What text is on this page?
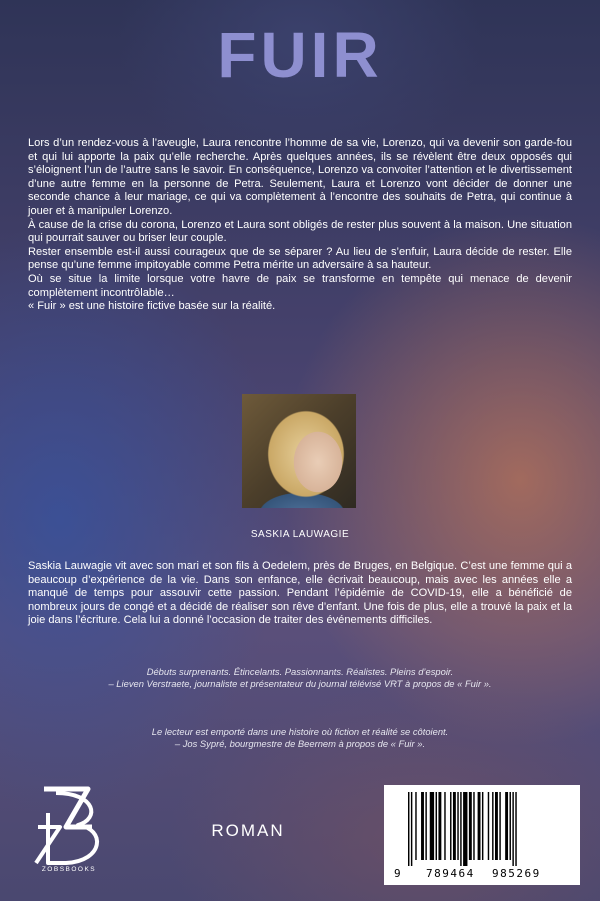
FUIR

Lors d’un rendez-vous à l’aveugle, Laura rencontre l’homme de sa vie, Lorenzo, qui va devenir son garde-fou et qui lui apporte la paix qu’elle recherche. Après quelques années, ils se révèlent être deux opposés qui s’éloignent l’un de l’autre sans le savoir. En conséquence, Lorenzo va convoiter l’attention et le divertissement d’une autre femme en la personne de Petra. Seulement, Laura et Lorenzo vont décider de donner une seconde chance à leur mariage, ce qui va complètement à l’encontre des souhaits de Petra, qui continue à jouer et à manipuler Lorenzo.

À cause de la crise du corona, Lorenzo et Laura sont obligés de rester plus souvent à la maison. Une situation qui pourrait sauver ou briser leur couple.

Rester ensemble est-il aussi courageux que de se séparer ? Au lieu de s’enfuir, Laura décide de rester. Elle pense qu’une femme impitoyable comme Petra mérite un adversaire à sa hauteur.

Où se situe la limite lorsque votre havre de paix se transforme en tempête qui menace de devenir complètement incontrôlable…

« Fuir » est une histoire fictive basée sur la réalité.

SASKIA LAUWAGIE

Saskia Lauwagie vit avec son mari et son fils à Oedelem, près de Bruges, en Belgique. C’est une femme qui a beaucoup d’expérience de la vie. Dans son enfance, elle écrivait beaucoup, mais avec les années elle a manqué de temps pour assouvir cette passion. Pendant l’épidémie de COVID-19, elle a bénéficié de nombreux jours de congé et a décidé de réaliser son rêve d’enfant. Une fois de plus, elle a trouvé la paix et la joie dans l’écriture. Cela lui a donné l’occasion de traiter des événements difficiles.

Débuts surprenants. Étincelants. Passionnants. Réalistes. Pleins d’espoir.
– Lieven Verstraete, journaliste et présentateur du journal télévisé VRT à propos de « Fuir ».
Le lecteur est emporté dans une histoire où fiction et réalité se côtoient.
– Jos Sypré, bourgmestre de Beernem à propos de « Fuir ».
ZOBSBOOKS
ROMAN
9 789464 985269
